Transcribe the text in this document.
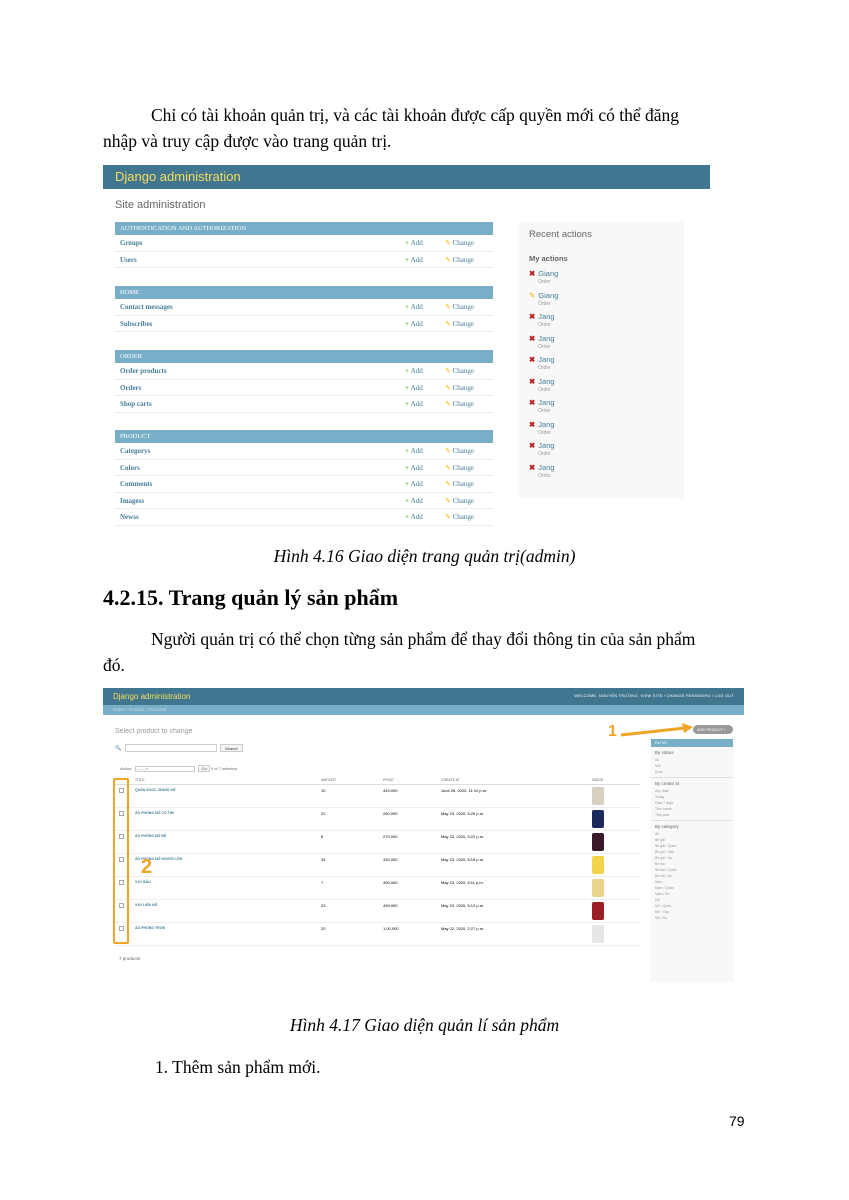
Chỉ có tài khoản quản trị, và các tài khoản được cấp quyền mới có thể đăng
nhập và truy cập được vào trang quản trị.
Django administration
Site administration
AUTHENTICATION AND AUTHORIZATION
Groups	+ Add	✎ Change
Users	+ Add	✎ Change
HOME
Contact messages	+ Add	✎ Change
Subscribes	+ Add	✎ Change
ORDER
Order products	+ Add	✎ Change
Orders	+ Add	✎ Change
Shop carts	+ Add	✎ Change
PRODUCT
Categorys	+ Add	✎ Change
Colors	+ Add	✎ Change
Comments	+ Add	✎ Change
Imagess	+ Add	✎ Change
Newss	+ Add	✎ Change
Recent actions
My actions
✖ Giang
Order
✎ Giang
Order
✖ Jang
Order
✖ Jang
Order
✖ Jang
Order
✖ Jang
Order
✖ Jang
Order
✖ Jang
Order
✖ Jang
Order
✖ Jang
Order
Hình 4.16 Giao diện trang quản trị(admin)
4.2.15. Trang quản lý sản phẩm
Người quản trị có thể chọn từng sản phẩm để thay đổi thông tin của sản phẩm
đó.
Django administration	WELCOME, NGUYỄN TRƯỜNG. VIEW SITE / CHANGE PASSWORD / LOG OUT
Home › Product › Products
Select product to change	ADD PRODUCT +
🔍	Search
Action: --------- ▾	Go 0 of 7 selected
TITLE	AMOUNT	PRICE	CREATE AT	IMAGE
QUẦN SOOC JEANS NỮ	10	449,000	June 26, 2020, 11:10 p.m.
ÁO PHÔNG NỮ CỔ TIM	22	260,000	May 23, 2020, 5:25 p.m.
ÁO PHÔNG NỮ BÉ	8	270,000	May 23, 2020, 5:22 p.m.
ÁO PHÔNG NỮ NGƯỜI LỚN	34	330,000	May 23, 2020, 5:16 p.m.
VÁY BẦU	7	490,000	May 23, 2020, 5:11 p.m.
VÁY LIỀN NỮ	23	499,000	May 23, 2020, 5:12 p.m.
ÁO PHÔNG TRƠN	20	1,00,000	May 22, 2020, 2:27 p.m.
7 products
FILTER
By status
All
Mới
Khác
By create at
Any date
Today
Past 7 days
This month
This year
By category
All
Bé gái
Bé gái / Quần
Bé gái / Váy
Bé gái / Áo
Bé trai
Bé trai / Quần
Bé trai / Áo
Nam
Nam / Quần
Nam / Áo
Nữ
Nữ / Quần
Nữ / Váy
Nữ / Áo
2
1
Hình 4.17 Giao diện quản lí sản phẩm
1. Thêm sản phẩm mới.
79
